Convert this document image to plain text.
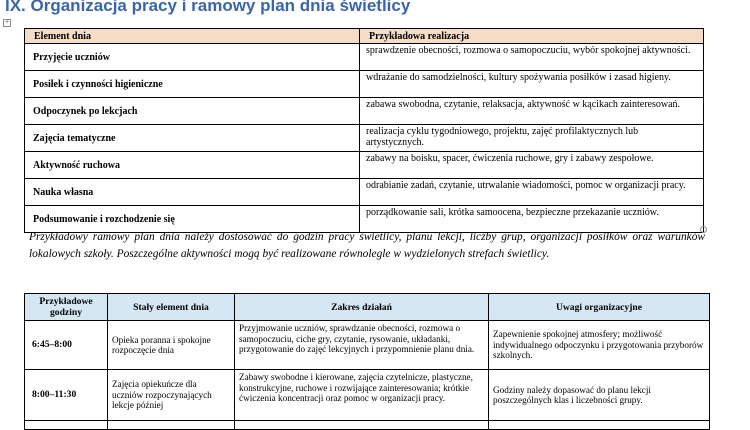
IX. Organizacja pracy i ramowy plan dnia świetlicy
+
Element dnia	Przykładowa realizacja
Przyjęcie uczniów	sprawdzenie obecności, rozmowa o samopoczuciu, wybór spokojnej aktywności.
Posiłek i czynności higieniczne	wdrażanie do samodzielności, kultury spożywania posiłków i zasad higieny.
Odpoczynek po lekcjach	zabawa swobodna, czytanie, relaksacja, aktywność w kącikach zainteresowań.
Zajęcia tematyczne	realizacja cyklu tygodniowego, projektu, zajęć profilaktycznych lub artystycznych.
Aktywność ruchowa	zabawy na boisku, spacer, ćwiczenia ruchowe, gry i zabawy zespołowe.
Nauka własna	odrabianie zadań, czytanie, utrwalanie wiadomości, pomoc w organizacji pracy.
Podsumowanie i rozchodzenie się	porządkowanie sali, krótka samoocena, bezpieczne przekazanie uczniów.
Przykładowy ramowy plan dnia należy dostosować do godzin pracy świetlicy, planu lekcji, liczby grup, organizacji posiłków oraz warunków lokalowych szkoły. Poszczególne aktywności mogą być realizowane równolegle w wydzielonych strefach świetlicy.
Przykładowe godziny	Stały element dnia	Zakres działań	Uwagi organizacyjne
6:45–8:00	Opieka poranna i spokojne rozpoczęcie dnia	Przyjmowanie uczniów, sprawdzanie obecności, rozmowa o samopoczuciu, ciche gry, czytanie, rysowanie, układanki, przygotowanie do zajęć lekcyjnych i przypomnienie planu dnia.	Zapewnienie spokojnej atmosfery; możliwość indywidualnego odpoczynku i przygotowania przyborów szkolnych.
8:00–11:30	Zajęcia opiekuńcze dla uczniów rozpoczynających lekcje później	Zabawy swobodne i kierowane, zajęcia czytelnicze, plastyczne, konstrukcyjne, ruchowe i rozwijające zainteresowania; krótkie ćwiczenia koncentracji oraz pomoc w organizacji pracy.	Godziny należy dopasować do planu lekcji poszczególnych klas i liczebności grupy.
